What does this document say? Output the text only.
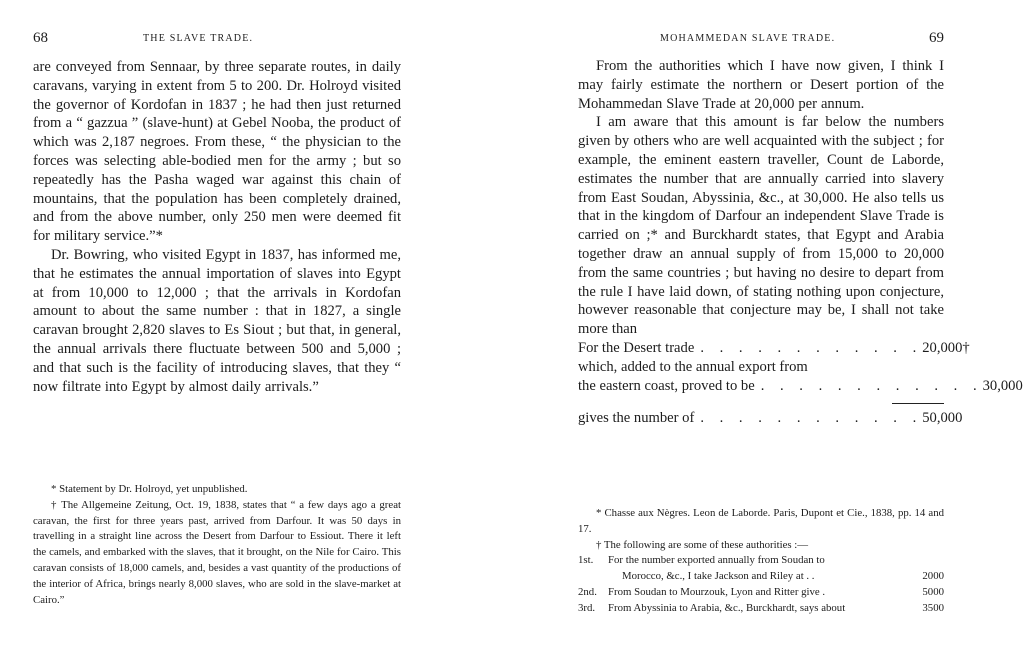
68	THE SLAVE TRADE.

are conveyed from Sennaar, by three separate routes, in daily caravans, varying in extent from 5 to 200. Dr. Holroyd visited the governor of Kordofan in 1837 ; he had then just returned from a “ gazzua ” (slave-hunt) at Gebel Nooba, the product of which was 2,187 negroes. From these, “ the physician to the forces was selecting able-bodied men for the army ; but so repeatedly has the Pasha waged war against this chain of mountains, that the population has been completely drained, and from the above number, only 250 men were deemed fit for military service.”*

Dr. Bowring, who visited Egypt in 1837, has informed me, that he estimates the annual importation of slaves into Egypt at from 10,000 to 12,000 ; that the arrivals in Kordofan amount to about the same number : that in 1827, a single caravan brought 2,820 slaves to Es Siout ; but that, in general, the annual arrivals there fluctuate between 500 and 5,000 ; and that such is the facility of introducing slaves, that they “ now filtrate into Egypt by almost daily arrivals.”

* Statement by Dr. Holroyd, yet unpublished.

† The Allgemeine Zeitung, Oct. 19, 1838, states that “ a few days ago a great caravan, the first for three years past, arrived from Darfour. It was 50 days in travelling in a straight line across the Desert from Darfour to Essiout. There it left the camels, and embarked with the slaves, that it brought, on the Nile for Cairo. This caravan consists of 18,000 camels, and, besides a vast quantity of the productions of the interior of Africa, brings nearly 8,000 slaves, who are sold in the slave-market at Cairo.”

MOHAMMEDAN SLAVE TRADE.	69

From the authorities which I have now given, I think I may fairly estimate the northern or Desert portion of the Mohammedan Slave Trade at 20,000 per annum.

I am aware that this amount is far below the numbers given by others who are well acquainted with the subject ; for example, the eminent eastern traveller, Count de Laborde, estimates the number that are annually carried into slavery from East Soudan, Abyssinia, &c., at 30,000. He also tells us that in the kingdom of Darfour an independent Slave Trade is carried on ;* and Burckhardt states, that Egypt and Arabia together draw an annual supply of from 15,000 to 20,000 from the same countries ; but having no desire to depart from the rule I have laid down, of stating nothing upon conjecture, however reasonable that conjecture may be, I shall not take more than

For the Desert trade . . . . . . . . . . . . 20,000†
which, added to the annual export from
the eastern coast, proved to be . . . . . . . . . . . . 30,000
gives the number of . . . . . . . . . . . . 50,000

* Chasse aux Nègres. Leon de Laborde. Paris, Dupont et Cie., 1838, pp. 14 and 17.

† The following are some of these authorities :—

1st.	For the number exported annually from Soudan to
Morocco, &c., I take Jackson and Riley at . .	2000
2nd.	From Soudan to Mourzouk, Lyon and Ritter give .	5000
3rd.	From Abyssinia to Arabia, &c., Burckhardt, says about	3500
